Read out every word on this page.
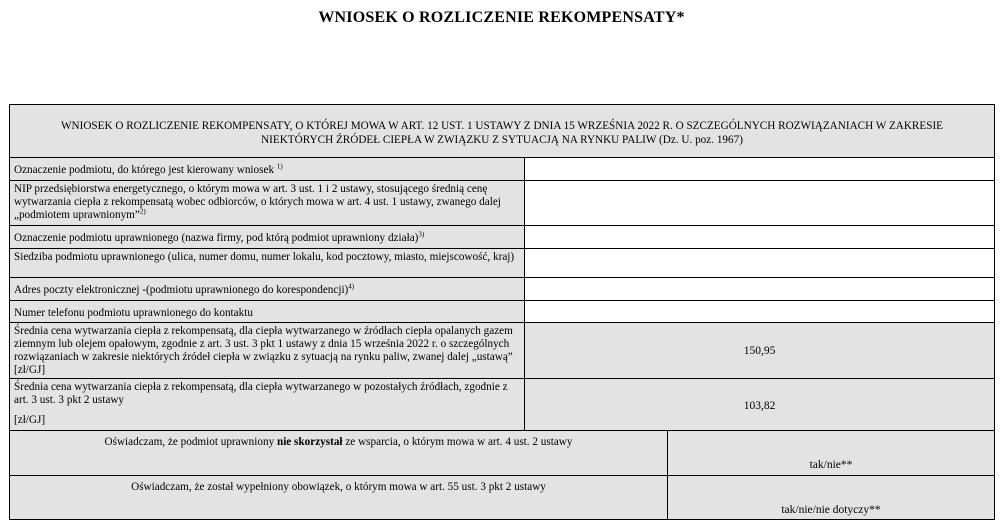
WNIOSEK O ROZLICZENIE REKOMPENSATY*
WNIOSEK O ROZLICZENIE REKOMPENSATY, O KTÓREJ MOWA W ART. 12 UST. 1 USTAWY Z DNIA 15 WRZEŚNIA 2022 R. O SZCZEGÓLNYCH ROZWIĄZANIACH W ZAKRESIE NIEKTÓRYCH ŹRÓDEŁ CIEPŁA W ZWIĄZKU Z SYTUACJĄ NA RYNKU PALIW (Dz. U. poz. 1967)
Oznaczenie podmiotu, do którego jest kierowany wniosek $^{1)}$
NIP przedsiębiorstwa energetycznego, o którym mowa w art. 3 ust. 1 i 2 ustawy, stosującego średnią cenę wytwarzania ciepła z rekompensatą wobec odbiorców, o których mowa w art. 4 ust. 1 ustawy, zwanego dalej „podmiotem uprawnionym”$^{2)}$
Oznaczenie podmiotu uprawnionego (nazwa firmy, pod którą podmiot uprawniony działa)$^{3)}$
Siedziba podmiotu uprawnionego (ulica, numer domu, numer lokalu, kod pocztowy, miasto, miejscowość, kraj)
Adres poczty elektronicznej -(podmiotu uprawnionego do korespondencji)$^{4)}$
Numer telefonu podmiotu uprawnionego do kontaktu
Średnia cena wytwarzania ciepła z rekompensatą, dla ciepła wytwarzanego w źródłach ciepła opalanych gazem ziemnym lub olejem opałowym, zgodnie z art. 3 ust. 3 pkt 1 ustawy z dnia 15 września 2022 r. o szczególnych rozwiązaniach w zakresie niektórych źródeł ciepła w związku z sytuacją na rynku paliw, zwanej dalej „ustawą” [zł/GJ]
150,95
Średnia cena wytwarzania ciepła z rekompensatą, dla ciepła wytwarzanego w pozostałych źródłach, zgodnie z art. 3 ust. 3 pkt 2 ustawy
[zł/GJ]
103,82
Oświadczam, że podmiot uprawniony nie skorzystał ze wsparcia, o którym mowa w art. 4 ust. 2 ustawy
tak/nie**
Oświadczam, że został wypełniony obowiązek, o którym mowa w art. 55 ust. 3 pkt 2 ustawy
tak/nie/nie dotyczy**
